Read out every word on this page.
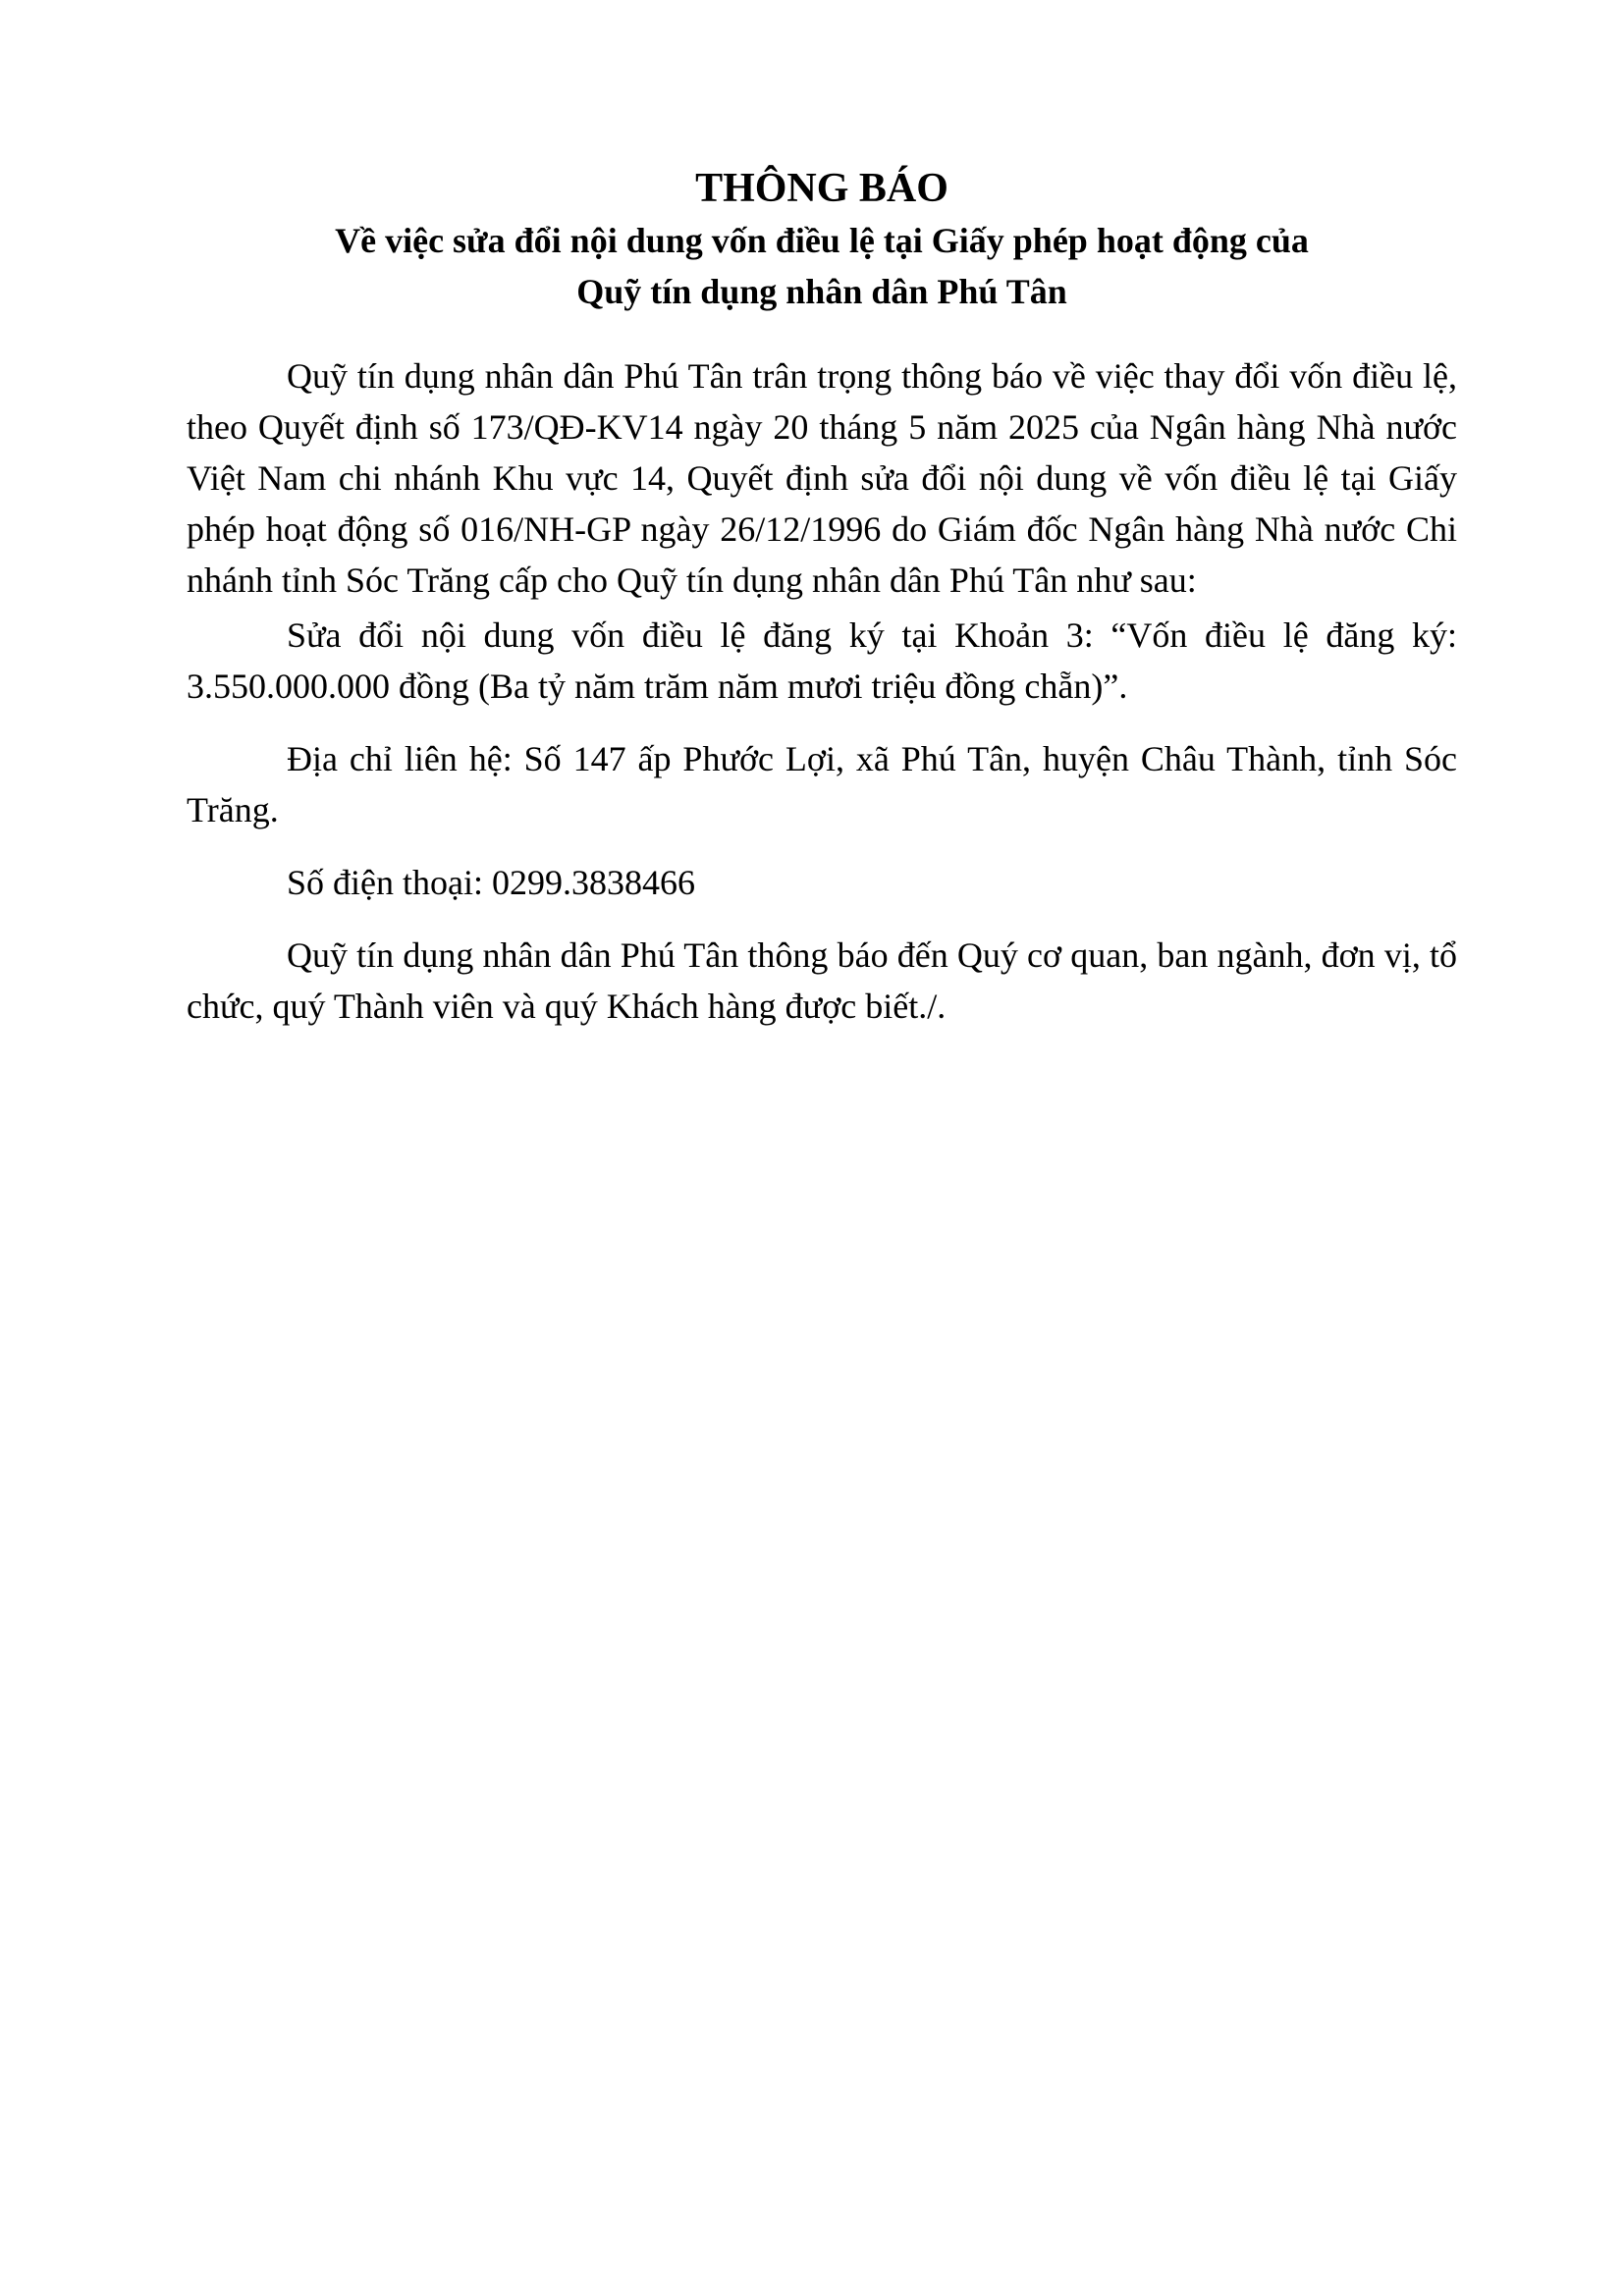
THÔNG BÁO

Về việc sửa đổi nội dung vốn điều lệ tại Giấy phép hoạt động của

Quỹ tín dụng nhân dân Phú Tân

Quỹ tín dụng nhân dân Phú Tân trân trọng thông báo về việc thay đổi vốn điều lệ, theo Quyết định số 173/QĐ-KV14 ngày 20 tháng 5 năm 2025 của Ngân hàng Nhà nước Việt Nam chi nhánh Khu vực 14, Quyết định sửa đổi nội dung về vốn điều lệ tại Giấy phép hoạt động số 016/NH-GP ngày 26/12/1996 do Giám đốc Ngân hàng Nhà nước Chi nhánh tỉnh Sóc Trăng cấp cho Quỹ tín dụng nhân dân Phú Tân như sau:

Sửa đổi nội dung vốn điều lệ đăng ký tại Khoản 3: “Vốn điều lệ đăng ký: 3.550.000.000 đồng (Ba tỷ năm trăm năm mươi triệu đồng chẵn)”.

Địa chỉ liên hệ: Số 147 ấp Phước Lợi, xã Phú Tân, huyện Châu Thành, tỉnh Sóc Trăng.

Số điện thoại: 0299.3838466

Quỹ tín dụng nhân dân Phú Tân thông báo đến Quý cơ quan, ban ngành, đơn vị, tổ chức, quý Thành viên và quý Khách hàng được biết./.
